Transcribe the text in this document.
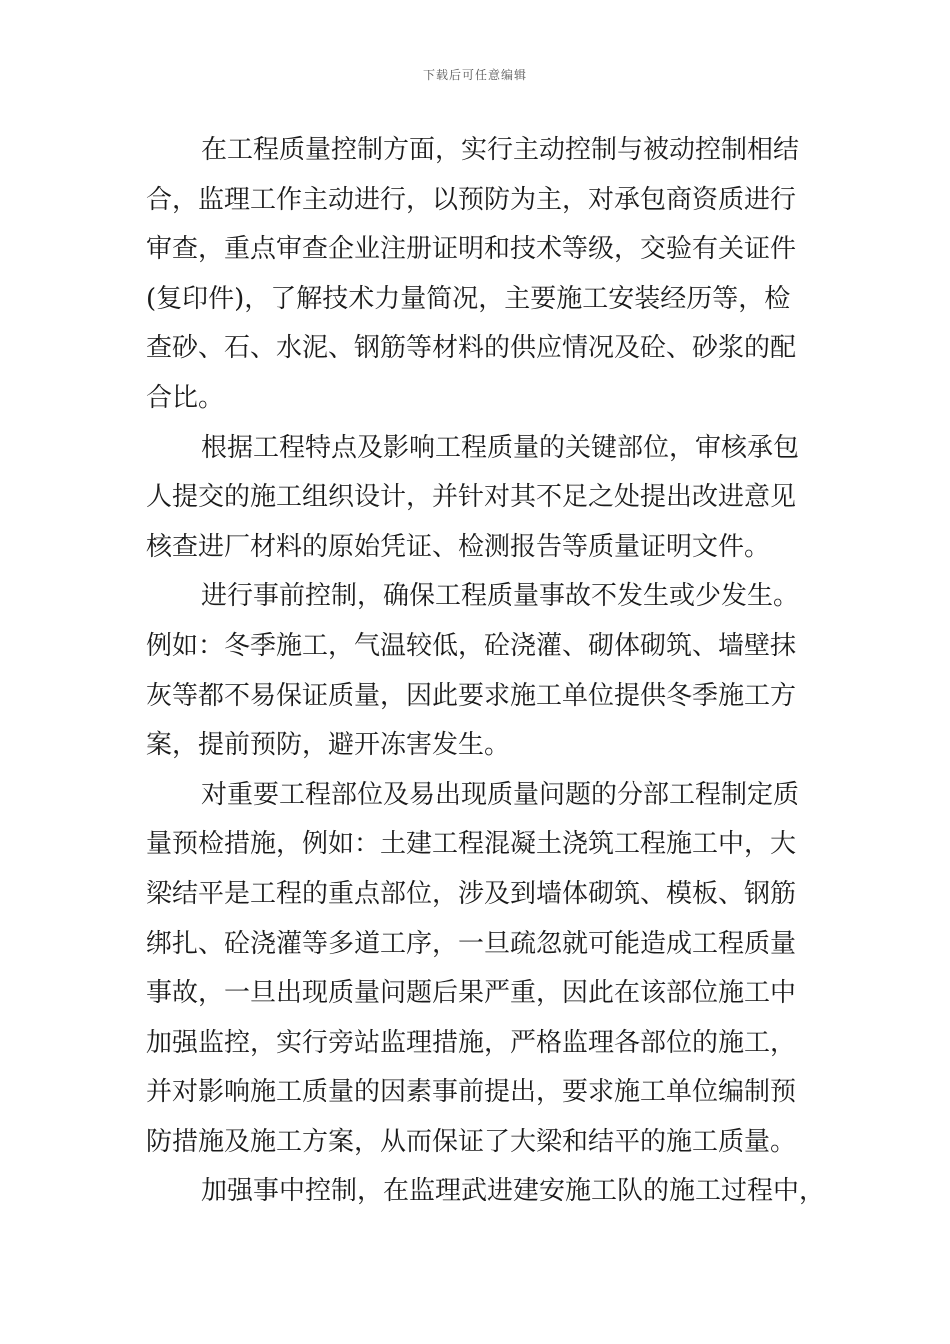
下载后可任意编辑
在工程质量控制方面，实行主动控制与被动控制相结
合，监理工作主动进行，以预防为主，对承包商资质进行
审查，重点审查企业注册证明和技术等级，交验有关证件
(复印件)，了解技术力量简况，主要施工安装经历等，检
查砂、石、水泥、钢筋等材料的供应情况及砼、砂浆的配
合比。
根据工程特点及影响工程质量的关键部位，审核承包
人提交的施工组织设计，并针对其不足之处提出改进意见
核查进厂材料的原始凭证、检测报告等质量证明文件。
进行事前控制，确保工程质量事故不发生或少发生。
例如：冬季施工，气温较低，砼浇灌、砌体砌筑、墙壁抹
灰等都不易保证质量，因此要求施工单位提供冬季施工方
案，提前预防，避开冻害发生。
对重要工程部位及易出现质量问题的分部工程制定质
量预检措施，例如：土建工程混凝土浇筑工程施工中，大
梁结平是工程的重点部位，涉及到墙体砌筑、模板、钢筋
绑扎、砼浇灌等多道工序，一旦疏忽就可能造成工程质量
事故，一旦出现质量问题后果严重，因此在该部位施工中
加强监控，实行旁站监理措施，严格监理各部位的施工，
并对影响施工质量的因素事前提出，要求施工单位编制预
防措施及施工方案，从而保证了大梁和结平的施工质量。
加强事中控制，在监理武进建安施工队的施工过程中，
